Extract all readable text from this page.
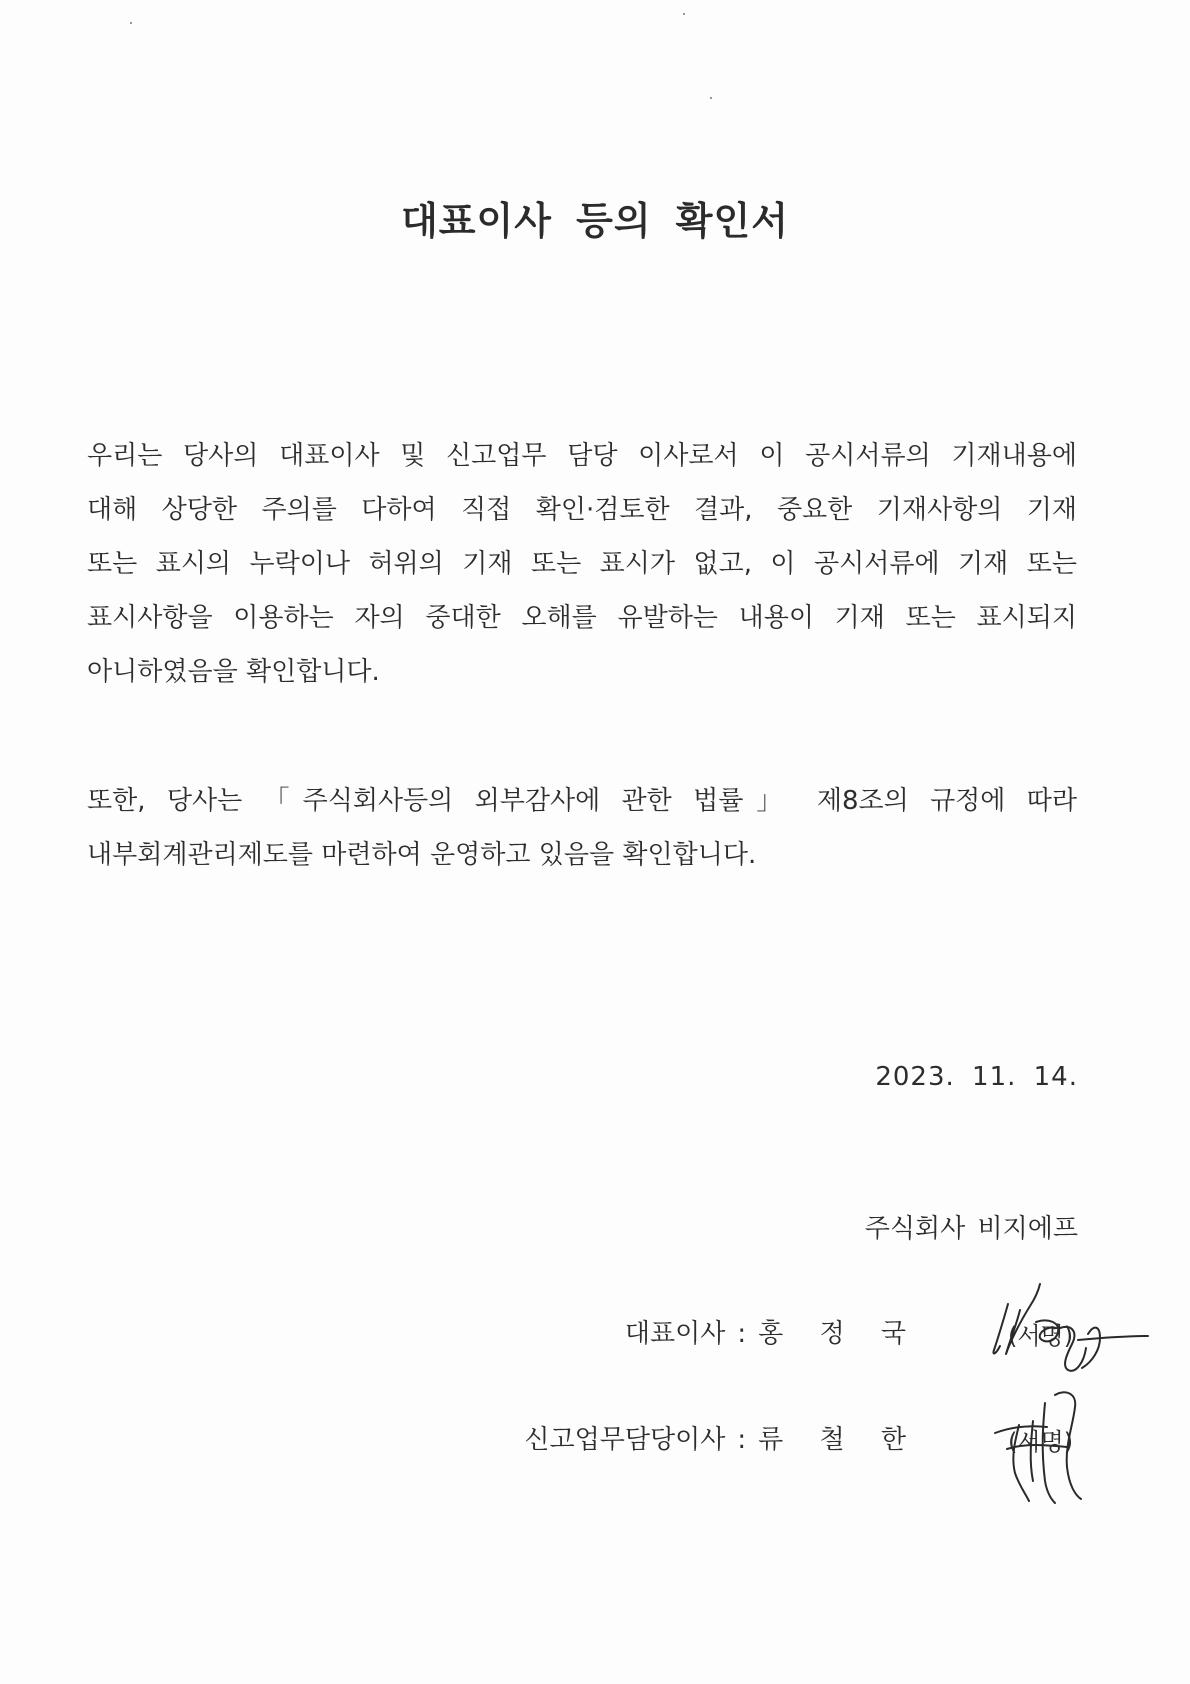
대표이사 등의 확인서
우리는 당사의 대표이사 및 신고업무 담당 이사로서 이 공시서류의 기재내용에
대해 상당한 주의를 다하여 직접 확인·검토한 결과, 중요한 기재사항의 기재
또는 표시의 누락이나 허위의 기재 또는 표시가 없고, 이 공시서류에 기재 또는
표시사항을 이용하는 자의 중대한 오해를 유발하는 내용이 기재 또는 표시되지
아니하였음을 확인합니다.
또한, 당사는 「주식회사등의 외부감사에 관한 법률」 제8조의 규정에 따라
내부회계관리제도를 마련하여 운영하고 있음을 확인합니다.
2023. 11. 14.
주식회사 비지에프
대표이사 : 홍 정 국	(서명)
신고업무담당이사 : 류 철 한	(서명)
